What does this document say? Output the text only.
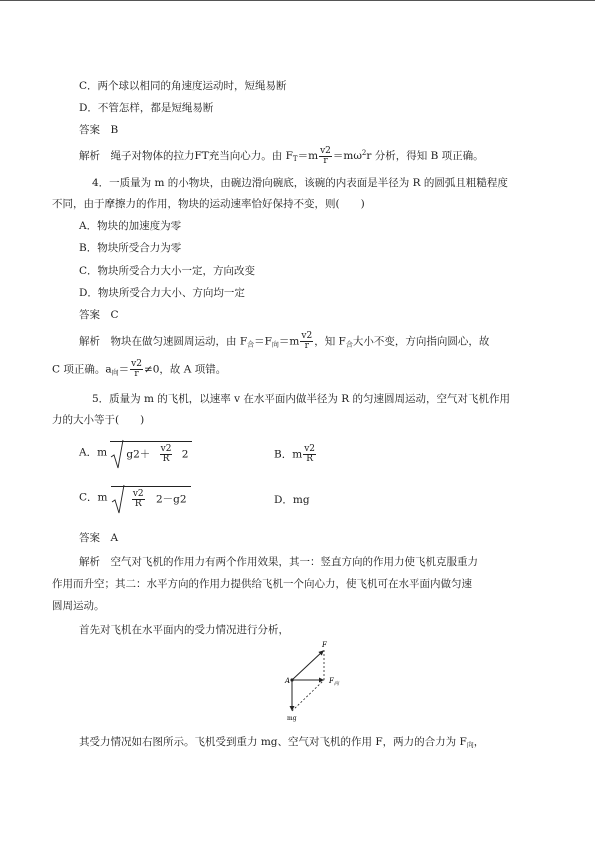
C．两个球以相同的角速度运动时，短绳易断
D．不管怎样，都是短绳易断
答案　B
解析　绳子对物体的拉力FT充当向心力。由 $F_T=m \frac{v2}{r} =m\omega^2r$ 分析，得知 B 项正确。
4．一质量为 m 的小物块，由碗边滑向碗底，该碗的内表面是半径为 R 的圆弧且粗糙程度
不同，由于摩擦力的作用，物块的运动速率恰好保持不变，则(　　)
A．物块的加速度为零
B．物块所受合力为零
C．物块所受合力大小一定，方向改变
D．物块所受合力大小、方向均一定
答案　C
解析　物块在做匀速圆周运动，由 $F_合=F_向=m \frac{v2}{r}$ ，知 $F_合$大小不变，方向指向圆心，故
C 项正确。$a_向= \frac{v2}{r} \ne 0$，故 A 项错。
5．质量为 m 的飞机，以速率 v 在水平面内做半径为 R 的匀速圆周运动，空气对飞机作用
力的大小等于(　　)
A．m $g2+ \frac{v2}{R} 2$	B．m $\frac{v2}{R}$
C．m	$\frac{v2}{R} 2-g2$	D．mg
答案　A
解析　空气对飞机的作用力有两个作用效果，其一：竖直方向的作用力使飞机克服重力
作用而升空；其二：水平方向的作用力提供给飞机一个向心力，使飞机可在水平面内做匀速
圆周运动。
首先对飞机在水平面内的受力情况进行分析，
F
A	$F_向$
mg
其受力情况如右图所示。飞机受到重力 mg、空气对飞机的作用 F，两力的合力为 $F_向$，
